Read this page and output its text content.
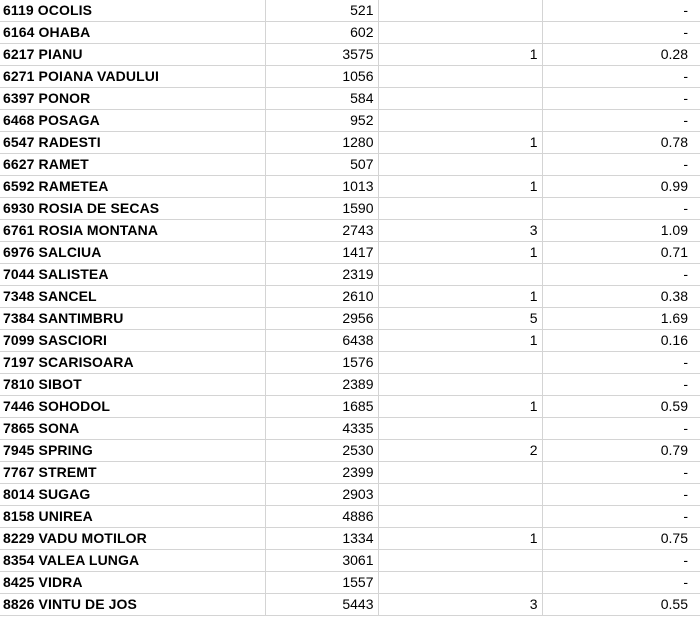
6119 OCOLIS	521		-
6164 OHABA	602		-
6217 PIANU	3575	1	0.28
6271 POIANA VADULUI	1056		-
6397 PONOR	584		-
6468 POSAGA	952		-
6547 RADESTI	1280	1	0.78
6627 RAMET	507		-
6592 RAMETEA	1013	1	0.99
6930 ROSIA DE SECAS	1590		-
6761 ROSIA MONTANA	2743	3	1.09
6976 SALCIUA	1417	1	0.71
7044 SALISTEA	2319		-
7348 SANCEL	2610	1	0.38
7384 SANTIMBRU	2956	5	1.69
7099 SASCIORI	6438	1	0.16
7197 SCARISOARA	1576		-
7810 SIBOT	2389		-
7446 SOHODOL	1685	1	0.59
7865 SONA	4335		-
7945 SPRING	2530	2	0.79
7767 STREMT	2399		-
8014 SUGAG	2903		-
8158 UNIREA	4886		-
8229 VADU MOTILOR	1334	1	0.75
8354 VALEA LUNGA	3061		-
8425 VIDRA	1557		-
8826 VINTU DE JOS	5443	3	0.55
